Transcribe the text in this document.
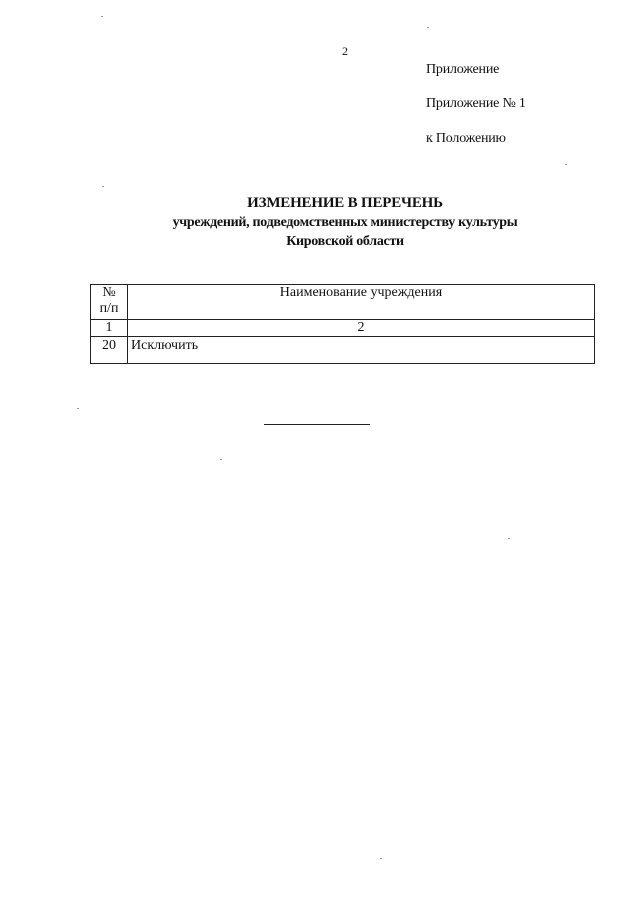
2
Приложение
Приложение № 1
к Положению
ИЗМЕНЕНИЕ В ПЕРЕЧЕНЬ
учреждений, подведомственных министерству культуры
Кировской области
№
п/п	Наименование учреждения
1	2
20	Исключить
